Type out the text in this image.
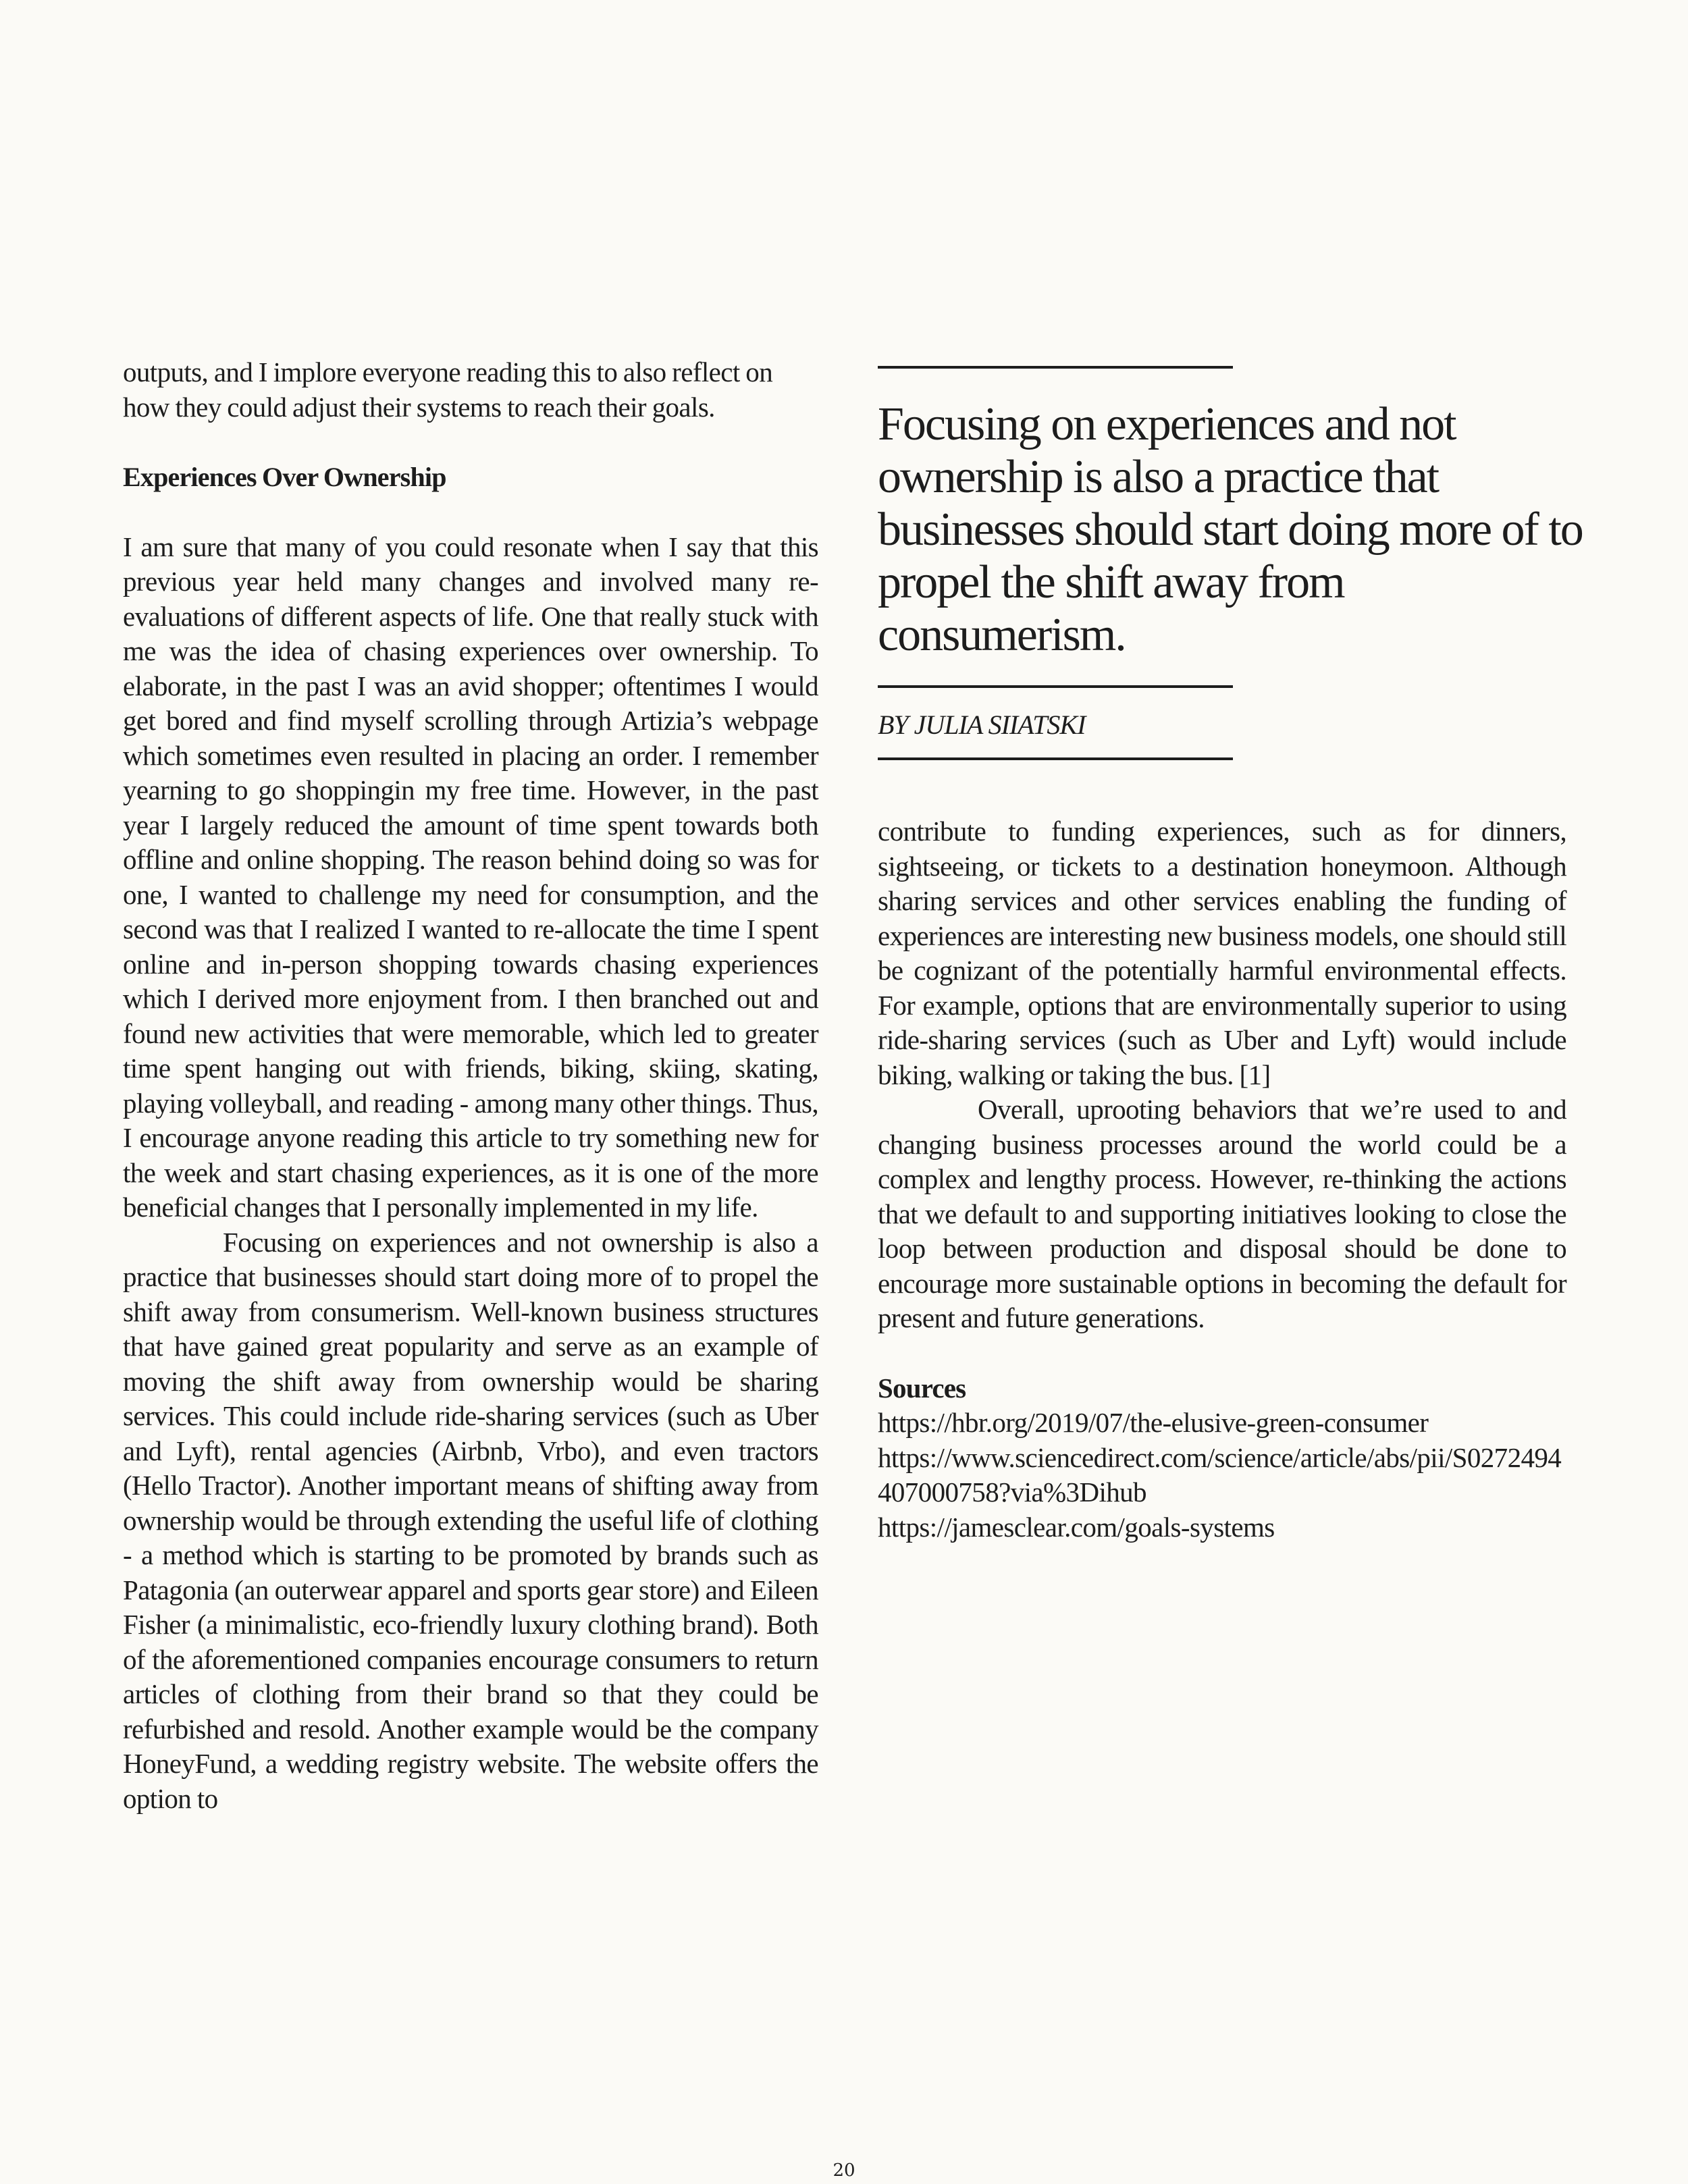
outputs, and I implore everyone reading this to also reflect on how they could adjust their systems to reach their goals.

Experiences Over Ownership

I am sure that many of you could resonate when I say that this previous year held many changes and involved many re-evaluations of different aspects of life. One that really stuck with me was the idea of chasing experiences over ownership. To elaborate, in the past I was an avid shopper; oftentimes I would get bored and find myself scrolling through Artizia’s webpage which sometimes even resulted in placing an order. I remember yearning to go shoppingin my free time. However, in the past year I largely reduced the amount of time spent towards both offline and online shopping. The reason behind doing so was for one, I wanted to challenge my need for consumption, and the second was that I realized I wanted to re-allocate the time I spent online and in-person shopping towards chasing experiences which I derived more enjoyment from. I then branched out and found new activities that were memorable, which led to greater time spent hanging out with friends, biking, skiing, skating, playing volleyball, and reading - among many other things. Thus, I encourage anyone reading this article to try something new for the week and start chasing experiences, as it is one of the more beneficial changes that I personally implemented in my life.

Focusing on experiences and not ownership is also a practice that businesses should start doing more of to propel the shift away from consumerism. Well-known business structures that have gained great popularity and serve as an example of moving the shift away from ownership would be sharing services. This could include ride-sharing services (such as Uber and Lyft), rental agencies (Airbnb, Vrbo), and even tractors (Hello Tractor). Another important means of shifting away from ownership would be through extending the useful life of clothing - a method which is starting to be promoted by brands such as Patagonia (an outerwear apparel and sports gear store) and Eileen Fisher (a minimalistic, eco-friendly luxury clothing brand). Both of the aforementioned companies encourage consumers to return articles of clothing from their brand so that they could be refurbished and resold. Another example would be the company HoneyFund, a wedding registry website. The website offers the option to

Focusing on experiences and not ownership is also a practice that businesses should start doing more of to propel the shift away from consumerism.

BY JULIA SIIATSKI

contribute to funding experiences, such as for dinners, sightseeing, or tickets to a destination honeymoon. Although sharing services and other services enabling the funding of experiences are interesting new business models, one should still be cognizant of the potentially harmful environmental effects. For example, options that are environmentally superior to using ride-sharing services (such as Uber and Lyft) would include biking, walking or taking the bus. [1]

Overall, uprooting behaviors that we’re used to and changing business processes around the world could be a complex and lengthy process. However, re-thinking the actions that we default to and supporting initiatives looking to close the loop between production and disposal should be done to encourage more sustainable options in becoming the default for present and future generations.

Sources
https://hbr.org/2019/07/the-elusive-green-consumer
https://www.sciencedirect.com/science/article/abs/pii/S0272494407000758?via%3Dihub
https://jamesclear.com/goals-systems
20
